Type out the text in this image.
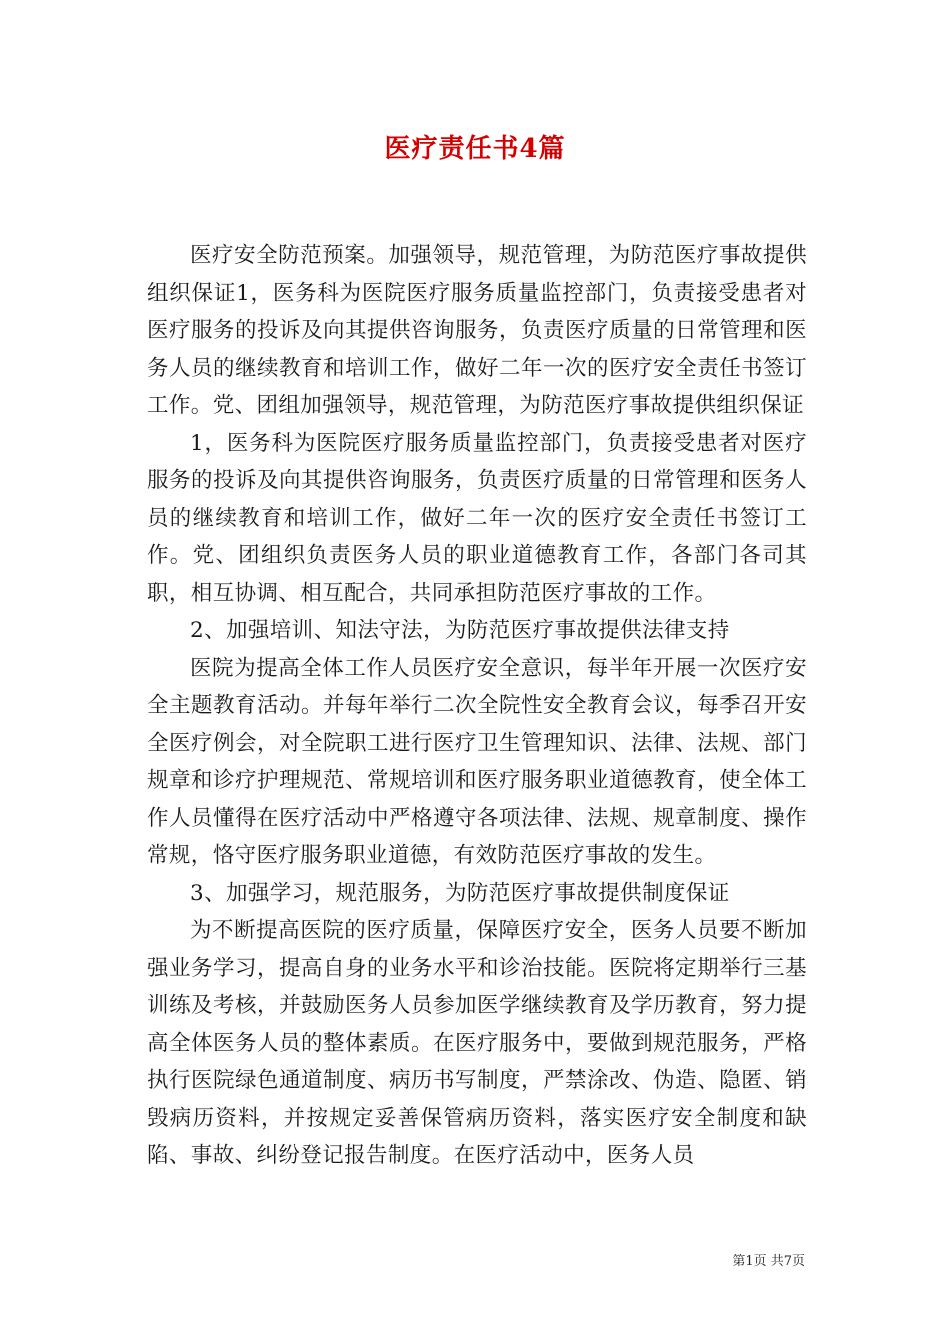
医疗责任书4篇

医疗安全防范预案。加强领导，规范管理，为防范医疗事故提供组织保证1，医务科为医院医疗服务质量监控部门，负责接受患者对医疗服务的投诉及向其提供咨询服务，负责医疗质量的日常管理和医务人员的继续教育和培训工作，做好二年一次的医疗安全责任书签订工作。党、团组加强领导，规范管理，为防范医疗事故提供组织保证

1，医务科为医院医疗服务质量监控部门，负责接受患者对医疗服务的投诉及向其提供咨询服务，负责医疗质量的日常管理和医务人员的继续教育和培训工作，做好二年一次的医疗安全责任书签订工作。党、团组织负责医务人员的职业道德教育工作，各部门各司其职，相互协调、相互配合，共同承担防范医疗事故的工作。

2、加强培训、知法守法，为防范医疗事故提供法律支持

医院为提高全体工作人员医疗安全意识，每半年开展一次医疗安全主题教育活动。并每年举行二次全院性安全教育会议，每季召开安全医疗例会，对全院职工进行医疗卫生管理知识、法律、法规、部门规章和诊疗护理规范、常规培训和医疗服务职业道德教育，使全体工作人员懂得在医疗活动中严格遵守各项法律、法规、规章制度、操作常规，恪守医疗服务职业道德，有效防范医疗事故的发生。

3、加强学习，规范服务，为防范医疗事故提供制度保证

为不断提高医院的医疗质量，保障医疗安全，医务人员要不断加强业务学习，提高自身的业务水平和诊治技能。医院将定期举行三基训练及考核，并鼓励医务人员参加医学继续教育及学历教育，努力提高全体医务人员的整体素质。在医疗服务中，要做到规范服务，严格执行医院绿色通道制度、病历书写制度，严禁涂改、伪造、隐匿、销毁病历资料，并按规定妥善保管病历资料，落实医疗安全制度和缺陷、事故、纠纷登记报告制度。在医疗活动中，医务人员

第1页 共7页
